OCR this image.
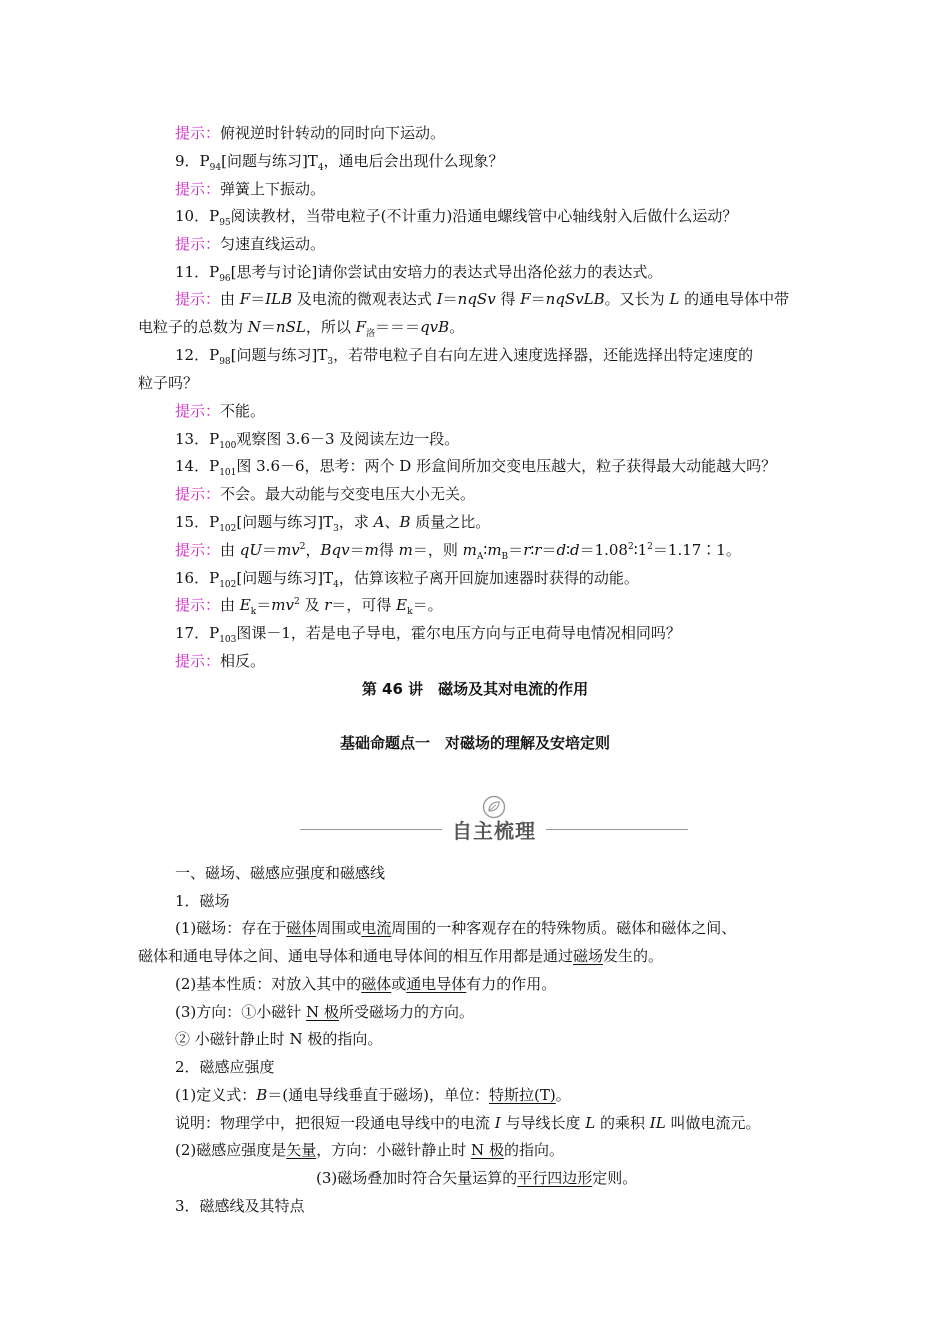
提示：俯视逆时针转动的同时向下运动。
9．$P_{94}$[问题与练习]$T_4$，通电后会出现什么现象？
提示：弹簧上下振动。
10．$P_{95}$阅读教材，当带电粒子(不计重力)沿通电螺线管中心轴线射入后做什么运动？
提示：匀速直线运动。
11．$P_{96}$[思考与讨论]请你尝试由安培力的表达式导出洛伦兹力的表达式。
提示：由 F＝ILB 及电流的微观表达式 I＝nqSv 得 F＝nqSvLB。又长为 L 的通电导体中带
电粒子的总数为 N＝nSL，所以 $F_洛===qvB$。
12．$P_{98}$[问题与练习]$T_3$，若带电粒子自右向左进入速度选择器，还能选择出特定速度的
粒子吗？
提示：不能。
13．$P_{100}$观察图 3.6－3 及阅读左边一段。
14．$P_{101}$图 3.6－6，思考：两个 D 形盒间所加交变电压越大，粒子获得最大动能越大吗？
提示：不会。最大动能与交变电压大小无关。
15．$P_{102}$[问题与练习]$T_3$，求 A、B 质量之比。
提示：由 $qU=mv^2$，Bqv＝m得 m＝，则 $m_A∶m_B=r∶r=d∶d=1.08^2∶1^2=1.17∶1$。
16．$P_{102}$[问题与练习]$T_4$，估算该粒子离开回旋加速器时获得的动能。
提示：由 $E_k=mv^2$ 及 r＝，可得 $E_k=$。
17．$P_{103}$图课－1，若是电子导电，霍尔电压方向与正电荷导电情况相同吗？
提示：相反。
第 46 讲　磁场及其对电流的作用
基础命题点一　对磁场的理解及安培定则
自主梳理
一、磁场、磁感应强度和磁感线
1．磁场
(1)磁场：存在于磁体周围或电流周围的一种客观存在的特殊物质。磁体和磁体之间、
磁体和通电导体之间、通电导体和通电导体间的相互作用都是通过磁场发生的。
(2)基本性质：对放入其中的磁体或通电导体有力的作用。
(3)方向：①小磁针 N 极所受磁场力的方向。
② 小磁针静止时 N 极的指向。
2．磁感应强度
(1)定义式：B＝(通电导线垂直于磁场)，单位：特斯拉(T)。
说明：物理学中，把很短一段通电导线中的电流 I 与导线长度 L 的乘积 IL 叫做电流元。
(2)磁感应强度是矢量，方向：小磁针静止时 N 极的指向。
(3)磁场叠加时符合矢量运算的平行四边形定则。
3．磁感线及其特点
